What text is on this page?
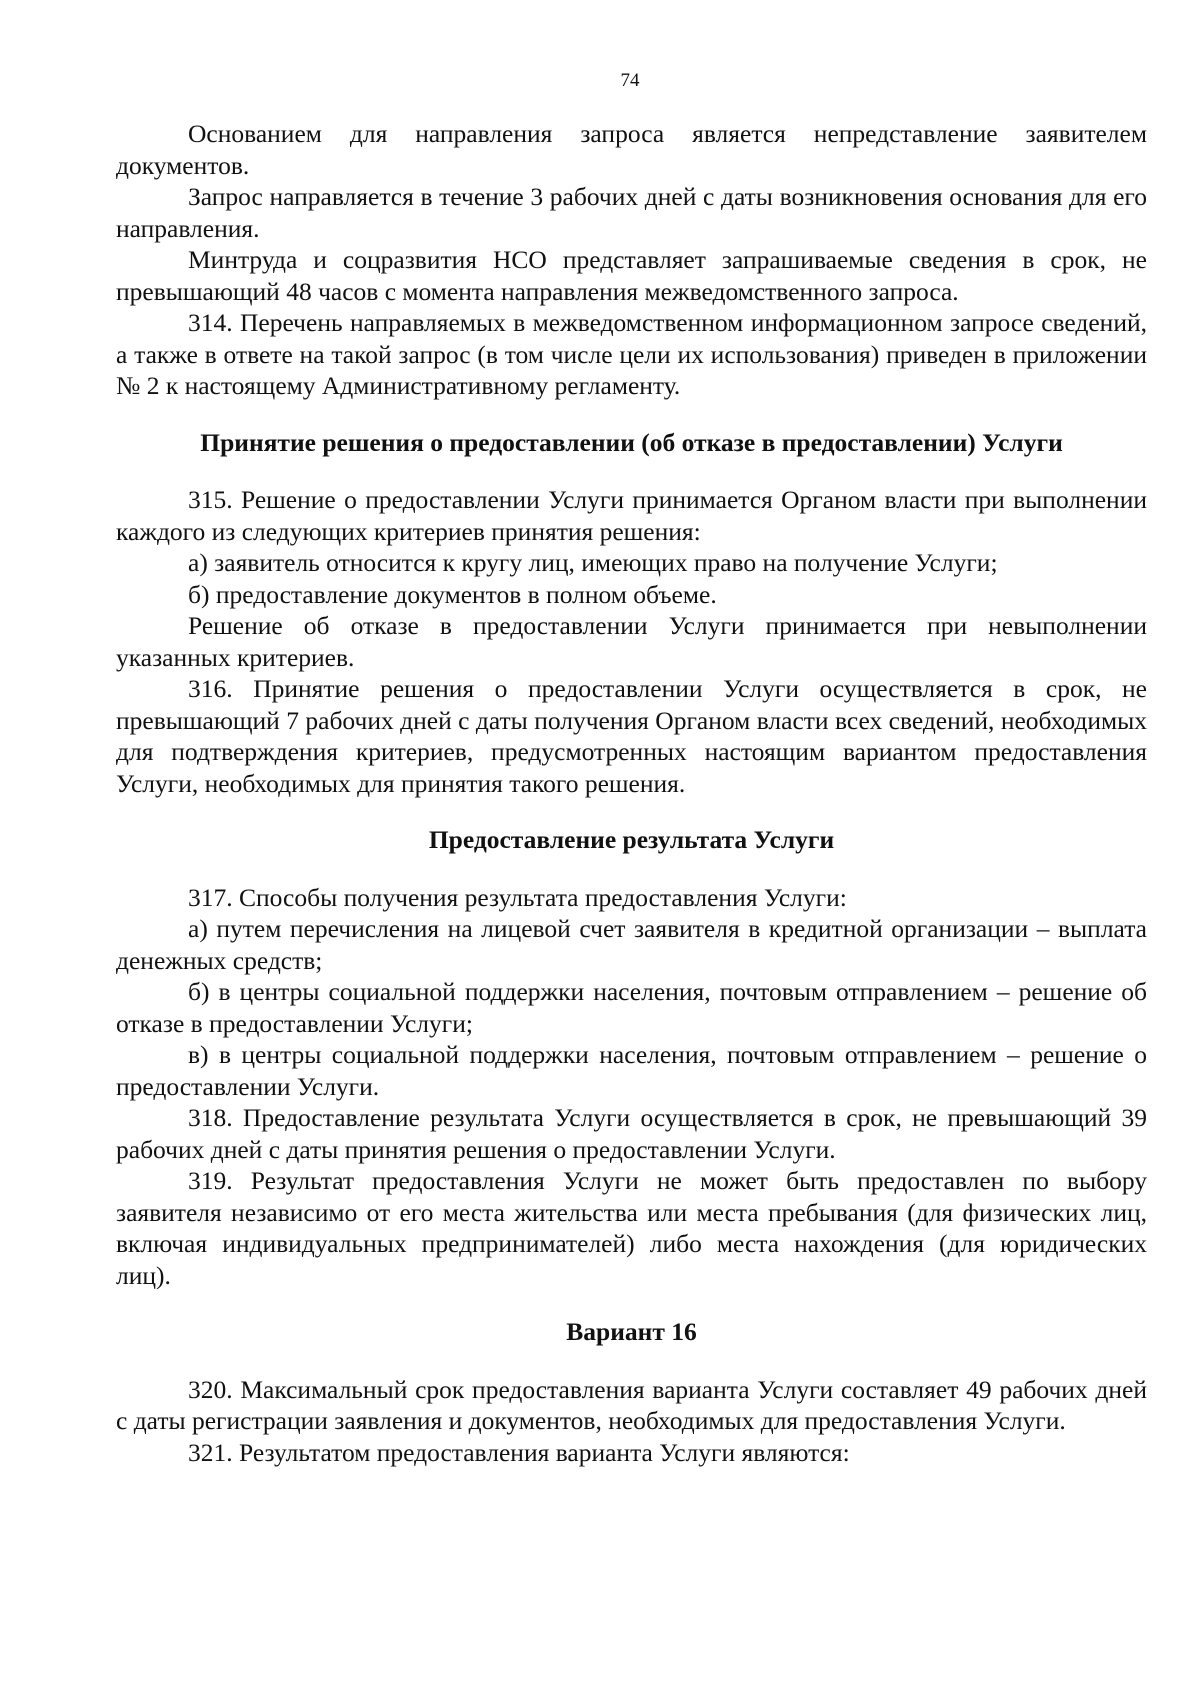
74

Основанием для направления запроса является непредставление заявителем документов.

Запрос направляется в течение 3 рабочих дней с даты возникновения основания для его направления.

Минтруда и соцразвития НСО представляет запрашиваемые сведения в срок, не превышающий 48 часов с момента направления межведомственного запроса.

314. Перечень направляемых в межведомственном информационном запросе сведений, а также в ответе на такой запрос (в том числе цели их использования) приведен в приложении № 2 к настоящему Административному регламенту.

Принятие решения о предоставлении (об отказе в предоставлении) Услуги

315. Решение о предоставлении Услуги принимается Органом власти при выполнении каждого из следующих критериев принятия решения:

а) заявитель относится к кругу лиц, имеющих право на получение Услуги;

б) предоставление документов в полном объеме.

Решение об отказе в предоставлении Услуги принимается при невыполнении указанных критериев.

316. Принятие решения о предоставлении Услуги осуществляется в срок, не превышающий 7 рабочих дней с даты получения Органом власти всех сведений, необходимых для подтверждения критериев, предусмотренных настоящим вариантом предоставления Услуги, необходимых для принятия такого решения.

Предоставление результата Услуги

317. Способы получения результата предоставления Услуги:

а) путем перечисления на лицевой счет заявителя в кредитной организации – выплата денежных средств;

б) в центры социальной поддержки населения, почтовым отправлением – решение об отказе в предоставлении Услуги;

в) в центры социальной поддержки населения, почтовым отправлением – решение о предоставлении Услуги.

318. Предоставление результата Услуги осуществляется в срок, не превышающий 39 рабочих дней с даты принятия решения о предоставлении Услуги.

319. Результат предоставления Услуги не может быть предоставлен по выбору заявителя независимо от его места жительства или места пребывания (для физических лиц, включая индивидуальных предпринимателей) либо места нахождения (для юридических лиц).

Вариант 16

320. Максимальный срок предоставления варианта Услуги составляет 49 рабочих дней с даты регистрации заявления и документов, необходимых для предоставления Услуги.

321. Результатом предоставления варианта Услуги являются:
